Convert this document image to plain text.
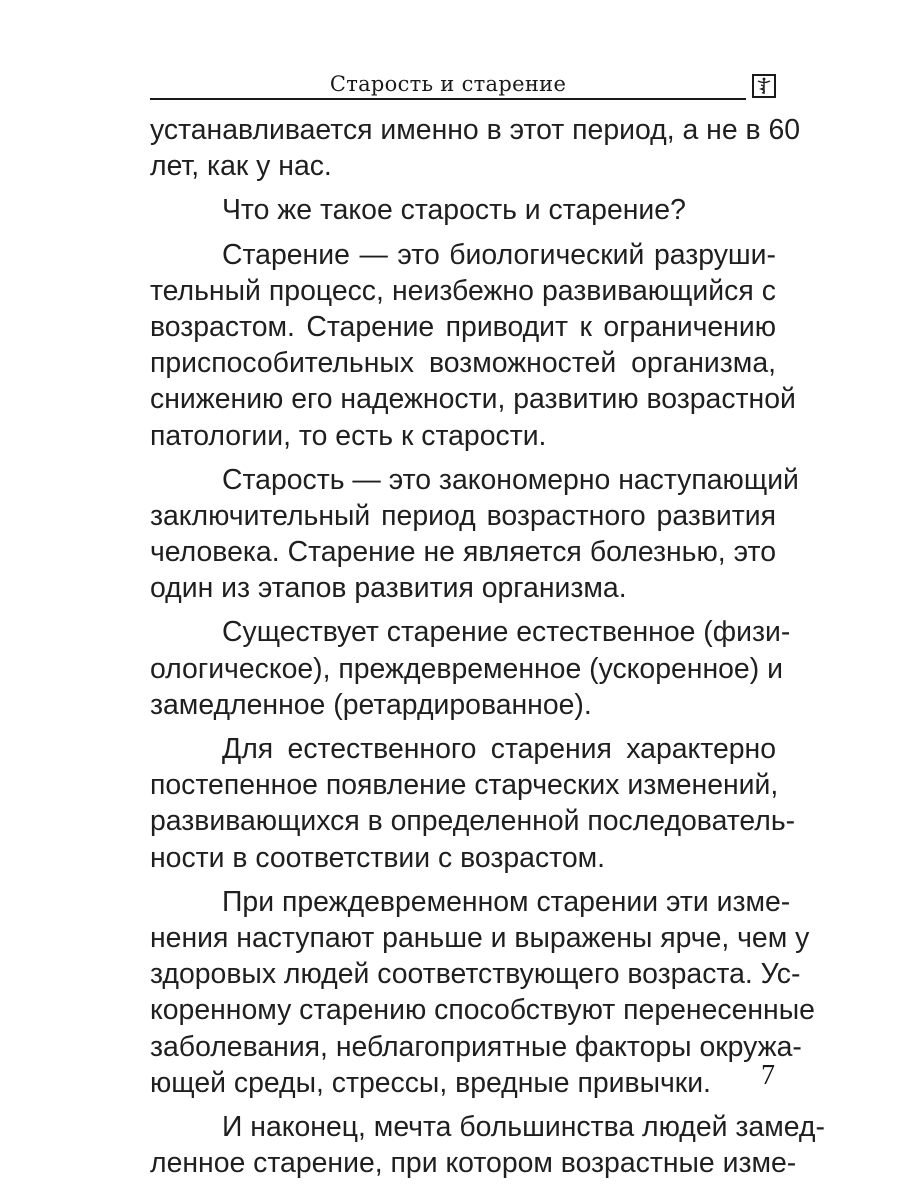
Старость и старение
устанавливается именно в этот период, а не в 60
лет, как у нас.
Что же такое старость и старение?
Старение — это биологический разруши-
тельный процесс, неизбежно развивающийся с
возрастом. Старение приводит к ограничению
приспособительных возможностей организма,
снижению его надежности, развитию возрастной
патологии, то есть к старости.
Старость — это закономерно наступающий
заключительный период возрастного развития
человека. Старение не является болезнью, это
один из этапов развития организма.
Существует старение естественное (физи-
ологическое), преждевременное (ускоренное) и
замедленное (ретардированное).
Для естественного старения характерно
постепенное появление старческих изменений,
развивающихся в определенной последователь-
ности в соответствии с возрастом.
При преждевременном старении эти изме-
нения наступают раньше и выражены ярче, чем у
здоровых людей соответствующего возраста. Ус-
коренному старению способствуют перенесенные
заболевания, неблагоприятные факторы окружа-
ющей среды, стрессы, вредные привычки.
И наконец, мечта большинства людей замед-
ленное старение, при котором возрастные изме-
7
